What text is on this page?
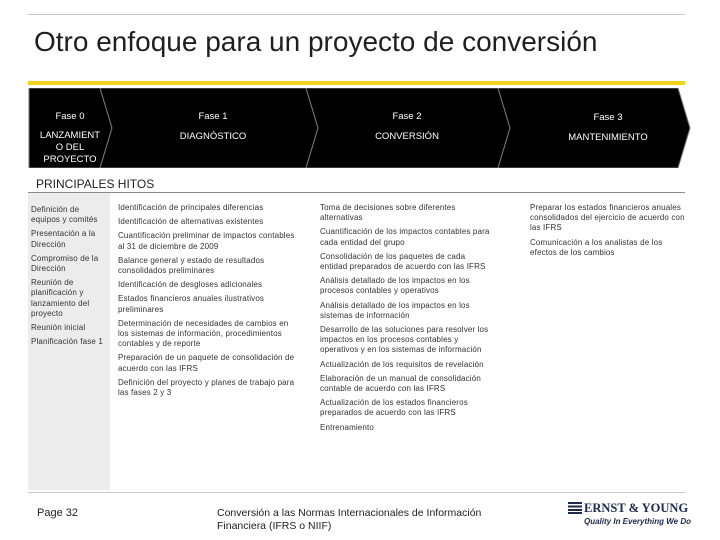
Otro enfoque para un proyecto de conversión
Fase 0
LANZAMIENT O DEL PROYECTO
Fase 1
DIAGNÓSTICO
Fase 2
CONVERSIÓN
Fase 3
MANTENIMIENTO
PRINCIPALES HITOS
Definición de equipos y comités
Presentación a la Dirección
Compromiso de la Dirección
Reunión de planificación y lanzamiento del proyecto
Reunión inicial
Planificación fase 1
Identificación de principales diferencias
Identificación de alternativas existentes
Cuantificación preliminar de impactos contables al 31 de diciembre de 2009
Balance general y estado de resultados consolidados preliminares
Identificación de desgloses adicionales
Estados financieros anuales ilustrativos preliminares
Determinación de necesidades de cambios en los sistemas de información, procedimientos contables y de reporte
Preparación de un paquete de consolidación de acuerdo con las IFRS
Definición del proyecto y planes de trabajo para las fases 2 y 3
Toma de decisiones sobre diferentes alternativas
Cuantificación de los impactos contables para cada entidad del grupo
Consolidación de los paquetes de cada entidad preparados de acuerdo con las IFRS
Análisis detallado de los impactos en los procesos contables y operativos
Análisis detallado de los impactos en los sistemas de información
Desarrollo de las soluciones para resolver los impactos en los procesos contables y operativos y en los sistemas de información
Actualización de los requisitos de revelación
Elaboración de un manual de consolidación contable de acuerdo con las IFRS
Actualización de los estados financieros preparados de acuerdo con las IFRS
Entrenamiento
Preparar los estados financieros anuales consolidados del ejercicio de acuerdo con las IFRS
Comunicación a los analistas de los efectos de los cambios
Page 32	Conversión a las Normas Internacionales de Información Financiera (IFRS o NIIF)
ERNST & YOUNG
Quality In Everything We Do
